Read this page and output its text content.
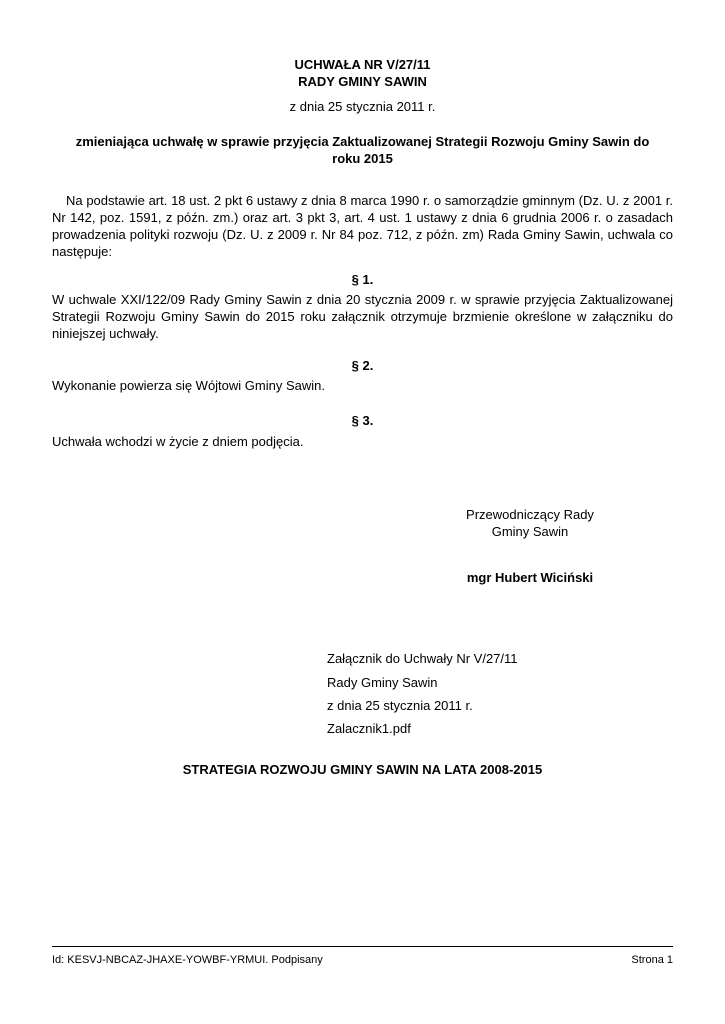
UCHWAŁA NR V/27/11
RADY GMINY SAWIN
z dnia 25 stycznia 2011 r.
zmieniająca uchwałę w sprawie przyjęcia Zaktualizowanej Strategii Rozwoju Gminy Sawin do roku 2015
Na podstawie art. 18 ust. 2 pkt 6 ustawy z dnia 8 marca 1990 r. o samorządzie gminnym (Dz. U. z 2001 r. Nr 142, poz. 1591, z późn. zm.) oraz art. 3 pkt 3, art. 4 ust. 1 ustawy z dnia 6 grudnia 2006 r. o zasadach prowadzenia polityki rozwoju (Dz. U. z 2009 r. Nr 84 poz. 712, z późn. zm) Rada Gminy Sawin, uchwala co następuje:
§ 1.
W uchwale XXI/122/09 Rady Gminy Sawin z dnia 20 stycznia 2009 r. w sprawie przyjęcia Zaktualizowanej Strategii Rozwoju Gminy Sawin do 2015 roku załącznik otrzymuje brzmienie określone w załączniku do niniejszej uchwały.
§ 2.
Wykonanie powierza się Wójtowi Gminy Sawin.
§ 3.
Uchwała wchodzi w życie z dniem podjęcia.
Przewodniczący Rady
Gminy Sawin
mgr Hubert Wiciński
Załącznik do Uchwały Nr V/27/11
Rady Gminy Sawin
z dnia 25 stycznia 2011 r.
Zalacznik1.pdf
STRATEGIA ROZWOJU GMINY SAWIN NA LATA 2008-2015
Id: KESVJ-NBCAZ-JHAXE-YOWBF-YRMUI. Podpisany	Strona 1
